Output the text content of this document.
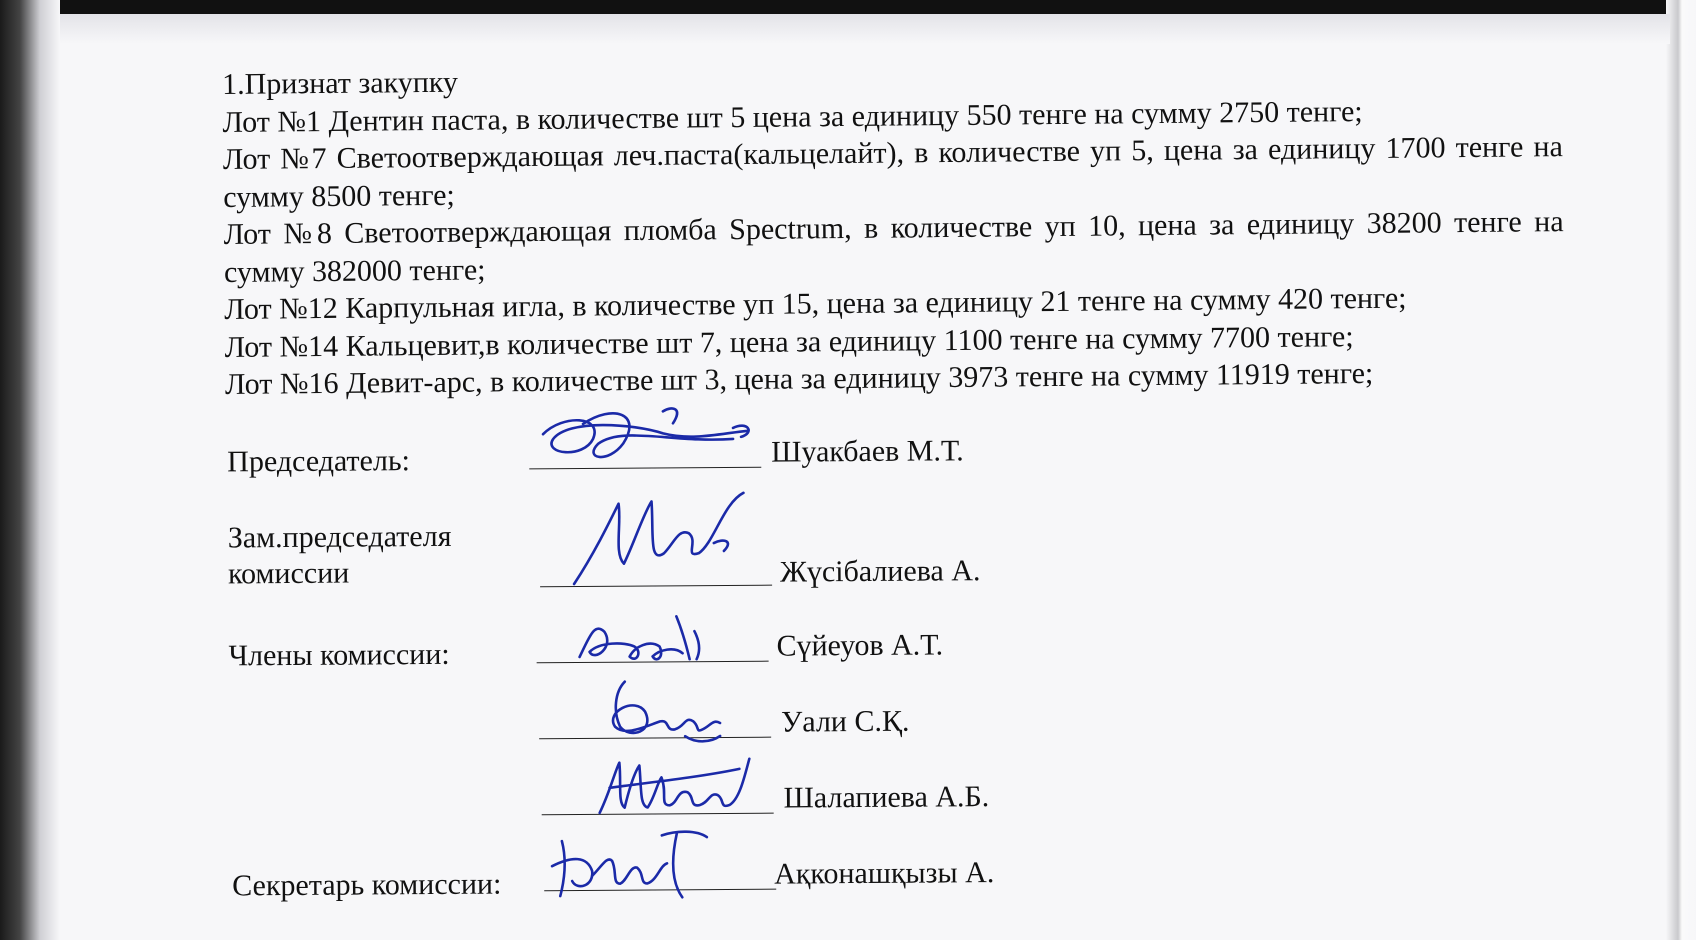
1.Признат закупку

Лот №1 Дентин паста, в количестве шт 5 цена за единицу 550 тенге на сумму 2750 тенге;

Лот №7 Светоотверждающая леч.паста(кальцелайт), в количестве уп 5, цена за единицу 1700 тенге на сумму 8500 тенге;

Лот №8 Светоотверждающая пломба Spectrum, в количестве уп 10, цена за единицу 38200 тенге на сумму 382000 тенге;

Лот №12 Карпульная игла, в количестве уп 15, цена за единицу 21 тенге на сумму 420 тенге;

Лот №14 Кальцевит,в количестве шт 7, цена за единицу 1100 тенге на сумму 7700 тенге;

Лот №16 Девит-арс, в количестве шт 3, цена за единицу 3973 тенге на сумму 11919 тенге;

Председатель:	Шуакбаев М.Т.
Зам.председателя
комиссии	Жүсібалиева А.
Члены комиссии:	Сүйеуов А.Т.
Уали С.Қ.
Шалапиева А.Б.
Секретарь комиссии:	Ақконашқызы А.
